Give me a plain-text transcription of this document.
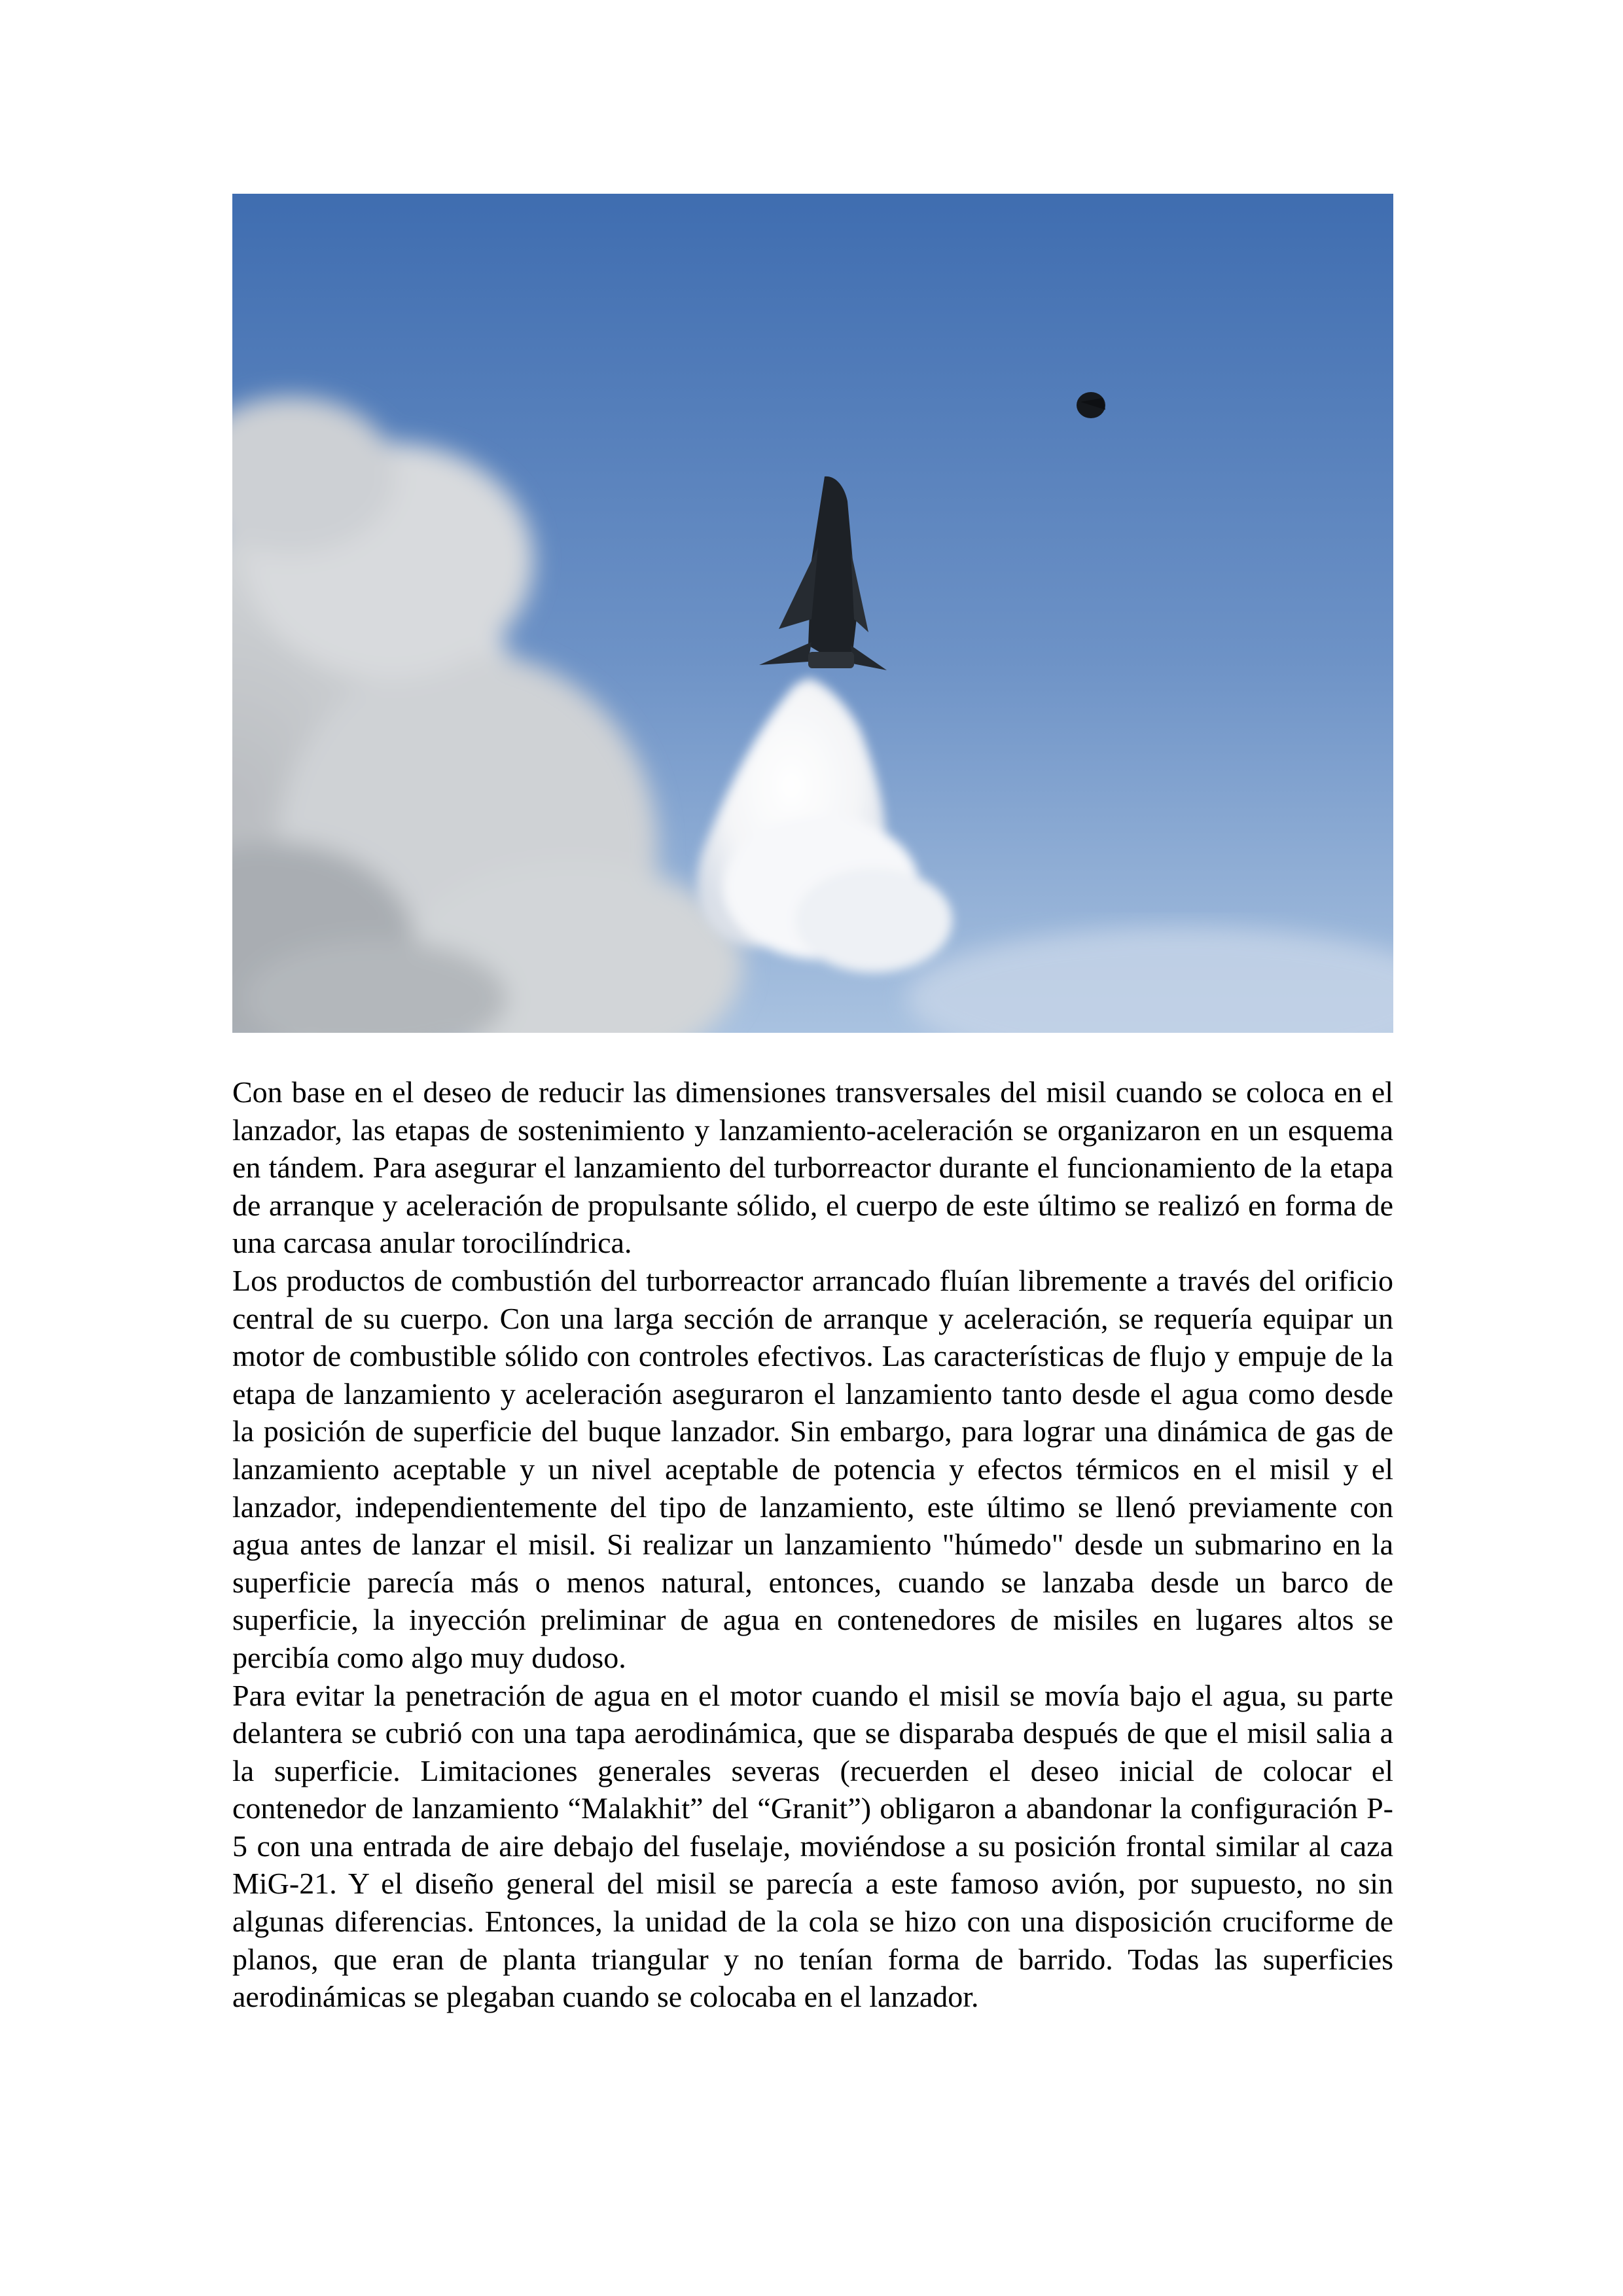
Con base en el deseo de reducir las dimensiones transversales del misil cuando se coloca en el lanzador, las etapas de sostenimiento y lanzamiento-aceleración se organizaron en un esquema en tándem. Para asegurar el lanzamiento del turborreactor durante el funcionamiento de la etapa de arranque y aceleración de propulsante sólido, el cuerpo de este último se realizó en forma de una carcasa anular torocilíndrica.

Los productos de combustión del turborreactor arrancado fluían libremente a través del orificio central de su cuerpo. Con una larga sección de arranque y aceleración, se requería equipar un motor de combustible sólido con controles efectivos. Las características de flujo y empuje de la etapa de lanzamiento y aceleración aseguraron el lanzamiento tanto desde el agua como desde la posición de superficie del buque lanzador. Sin embargo, para lograr una dinámica de gas de lanzamiento aceptable y un nivel aceptable de potencia y efectos térmicos en el misil y el lanzador, independientemente del tipo de lanzamiento, este último se llenó previamente con agua antes de lanzar el misil. Si realizar un lanzamiento "húmedo" desde un submarino en la superficie parecía más o menos natural, entonces, cuando se lanzaba desde un barco de superficie, la inyección preliminar de agua en contenedores de misiles en lugares altos se percibía como algo muy dudoso.

Para evitar la penetración de agua en el motor cuando el misil se movía bajo el agua, su parte delantera se cubrió con una tapa aerodinámica, que se disparaba después de que el misil salia a la superficie. Limitaciones generales severas (recuerden el deseo inicial de colocar el contenedor de lanzamiento “Malakhit” del “Granit”) obligaron a abandonar la configuración P-5 con una entrada de aire debajo del fuselaje, moviéndose a su posición frontal similar al caza MiG-21. Y el diseño general del misil se parecía a este famoso avión, por supuesto, no sin algunas diferencias. Entonces, la unidad de la cola se hizo con una disposición cruciforme de planos, que eran de planta triangular y no tenían forma de barrido. Todas las superficies aerodinámicas se plegaban cuando se colocaba en el lanzador.
